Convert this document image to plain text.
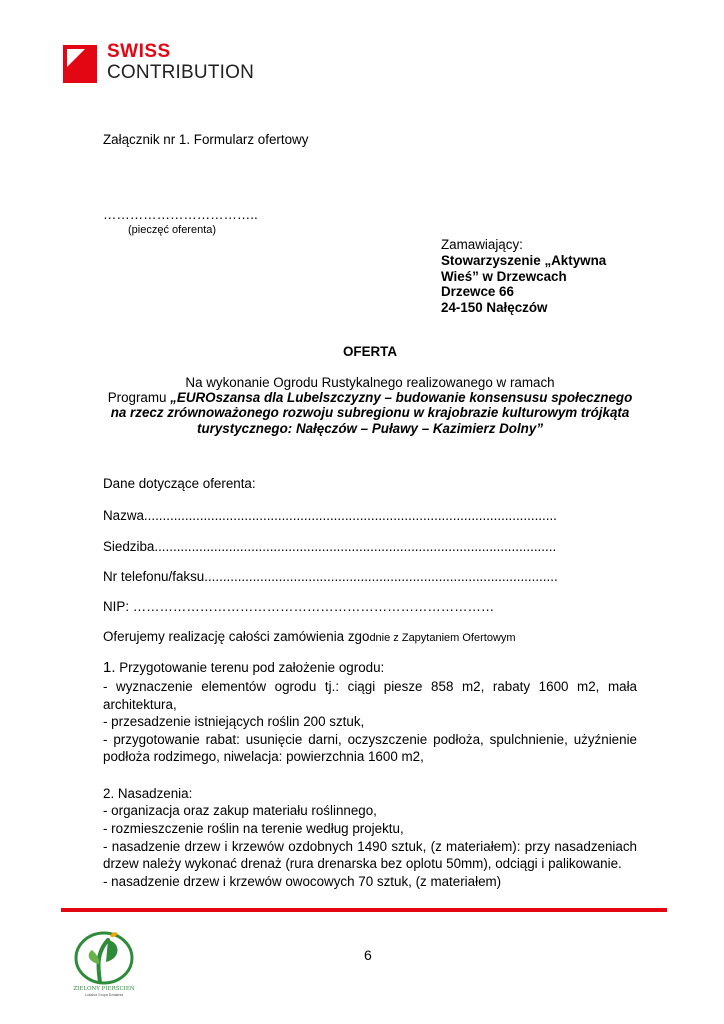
SWISS
CONTRIBUTION
Załącznik nr 1. Formularz ofertowy
……………………………..
(pieczęć oferenta)
Zamawiający:
Stowarzyszenie „Aktywna
Wieś” w Drzewcach
Drzewce 66
24-150 Nałęczów
OFERTA
Na wykonanie Ogrodu Rustykalnego realizowanego w ramach
Programu „EUROszansa dla Lubelszczyzny – budowanie konsensusu społecznego
na rzecz zrównoważonego rozwoju subregionu w krajobrazie kulturowym trójkąta
turystycznego: Nałęczów – Puławy – Kazimierz Dolny”
Dane dotyczące oferenta:
Nazwa...............................................................................................................
Siedziba............................................................................................................
Nr telefonu/faksu...............................................................................................
NIP: ………………………………………………………………………
Oferujemy realizację całości zamówienia zgodnie z Zapytaniem Ofertowym
1. Przygotowanie terenu pod założenie ogrodu:
- wyznaczenie elementów ogrodu tj.: ciągi piesze 858 m2, rabaty 1600 m2, mała
architektura,
- przesadzenie istniejących roślin 200 sztuk,
- przygotowanie rabat: usunięcie darni, oczyszczenie podłoża, spulchnienie, użyźnienie
podłoża rodzimego, niwelacja: powierzchnia 1600 m2,
2. Nasadzenia:
- organizacja oraz zakup materiału roślinnego,
- rozmieszczenie roślin na terenie według projektu,
- nasadzenie drzew i krzewów ozdobnych 1490 sztuk, (z materiałem): przy nasadzeniach
drzew należy wykonać drenaż (rura drenarska bez oplotu 50mm), odciągi i palikowanie.
- nasadzenie drzew i krzewów owocowych 70 sztuk, (z materiałem)
6
ZIELONY PIERŚCIEŃ
Lokalna Grupa Działania
